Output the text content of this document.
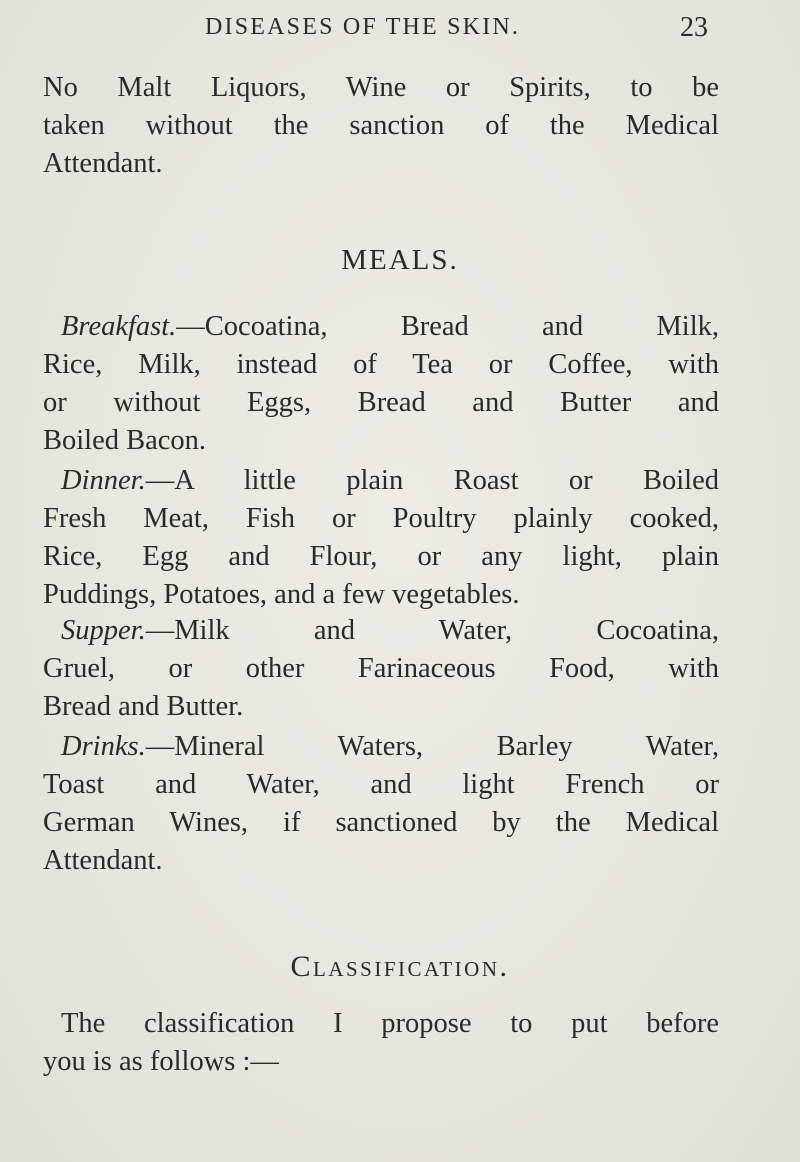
DISEASES OF THE SKIN.	23
No Malt Liquors, Wine or Spirits, to be
taken without the sanction of the Medical
Attendant.
MEALS.
Breakfast.—Cocoatina, Bread and Milk,
Rice, Milk, instead of Tea or Coffee, with
or without Eggs, Bread and Butter and
Boiled Bacon.
Dinner.—A little plain Roast or Boiled
Fresh Meat, Fish or Poultry plainly cooked,
Rice, Egg and Flour, or any light, plain
Puddings, Potatoes, and a few vegetables.
Supper.—Milk and Water, Cocoatina,
Gruel, or other Farinaceous Food, with
Bread and Butter.
Drinks.—Mineral Waters, Barley Water,
Toast and Water, and light French or
German Wines, if sanctioned by the Medical
Attendant.
Classification.
The classification I propose to put before
you is as follows :—
